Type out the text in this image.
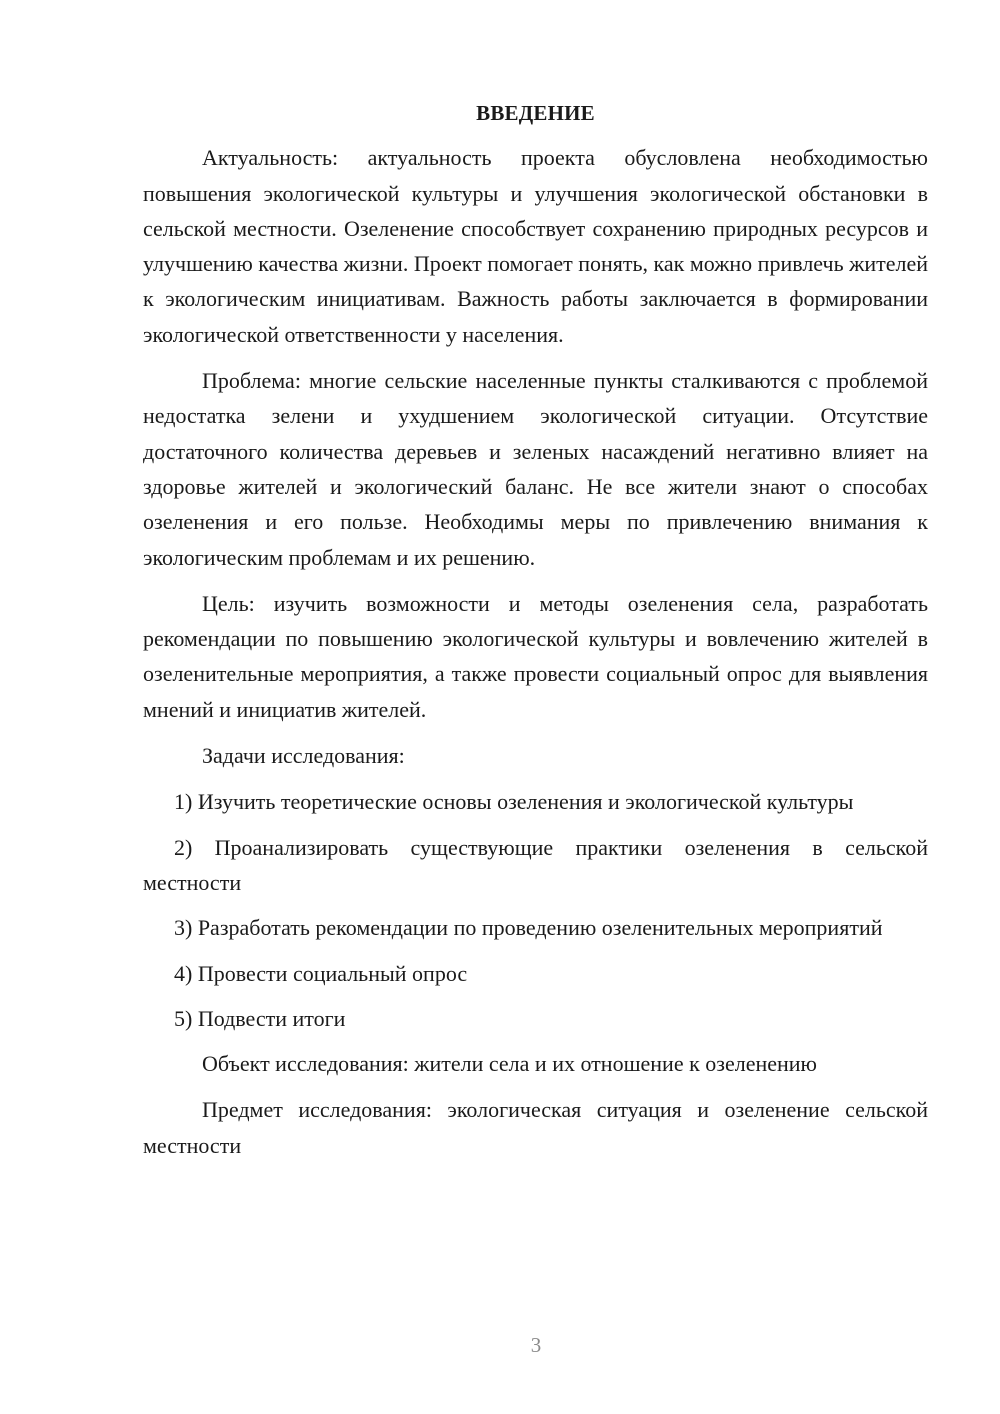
ВВЕДЕНИЕ

Актуальность: актуальность проекта обусловлена необходимостью повышения экологической культуры и улучшения экологической обстановки в сельской местности. Озеленение способствует сохранению природных ресурсов и улучшению качества жизни. Проект помогает понять, как можно привлечь жителей к экологическим инициативам. Важность работы заключается в формировании экологической ответственности у населения.

Проблема: многие сельские населенные пункты сталкиваются с проблемой недостатка зелени и ухудшением экологической ситуации. Отсутствие достаточного количества деревьев и зеленых насаждений негативно влияет на здоровье жителей и экологический баланс. Не все жители знают о способах озеленения и его пользе. Необходимы меры по привлечению внимания к экологическим проблемам и их решению.

Цель: изучить возможности и методы озеленения села, разработать рекомендации по повышению экологической культуры и вовлечению жителей в озеленительные мероприятия, а также провести социальный опрос для выявления мнений и инициатив жителей.

Задачи исследования:

1) Изучить теоретические основы озеленения и экологической культуры

2) Проанализировать существующие практики озеленения в сельской местности

3) Разработать рекомендации по проведению озеленительных мероприятий

4) Провести социальный опрос

5) Подвести итоги

Объект исследования: жители села и их отношение к озеленению

Предмет исследования: экологическая ситуация и озеленение сельской местности

3
